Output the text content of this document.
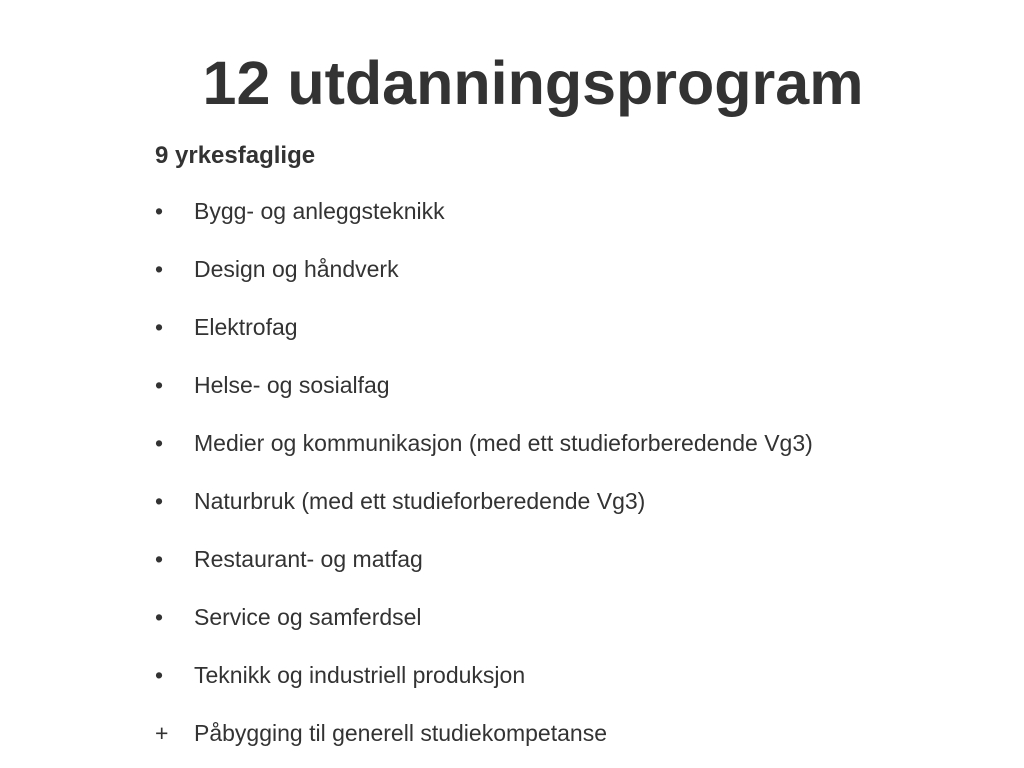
12 utdanningsprogram
9 yrkesfaglige
•	Bygg- og anleggsteknikk
•	Design og håndverk
•	Elektrofag
•	Helse- og sosialfag
•	Medier og kommunikasjon (med ett studieforberedende Vg3)
•	Naturbruk (med ett studieforberedende Vg3)
•	Restaurant- og matfag
•	Service og samferdsel
•	Teknikk og industriell produksjon
+	Påbygging til generell studiekompetanse
